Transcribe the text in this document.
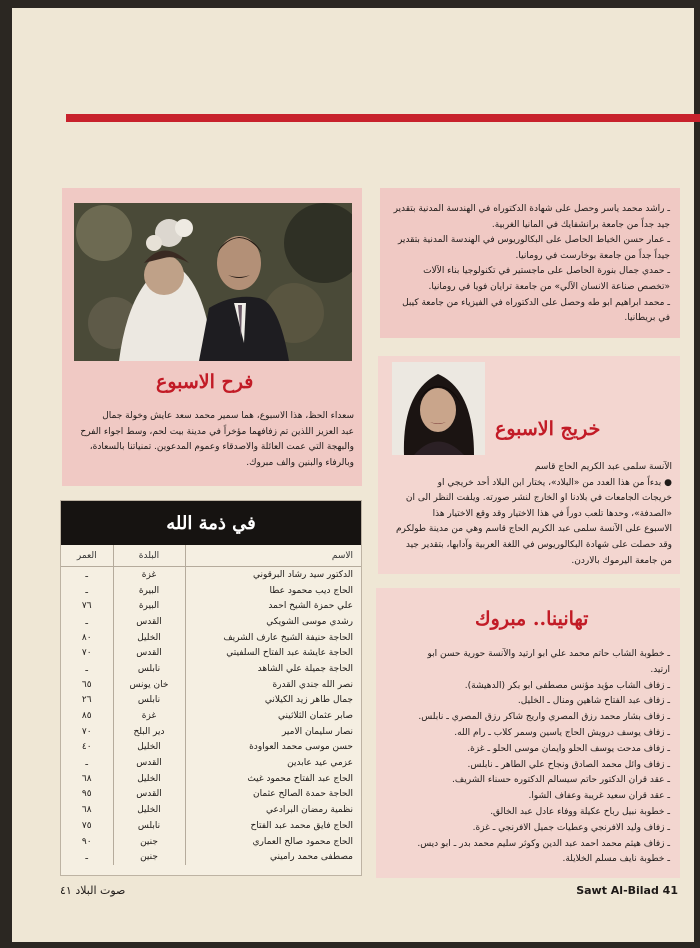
ـ راشد محمد ياسر وحصل على شهادة الدكتوراه في الهندسة المدنية بتقدير

جيد جداً من جامعة برانشفايك في المانيا الغربية.

ـ عمار حسن الخياط الحاصل على البكالوريوس في الهندسة المدنية بتقدير

جيداً جداً من جامعة بوخارست في رومانيا.

ـ حمدي جمال بنورة الحاصل على ماجستير في تكنولوجيا بناء الآلات

«تخصص صناعة الانسان الآلي» من جامعة ترايان فويا في رومانيا.

ـ محمد ابراهيم ابو طه وحصل على الدكتوراه في الفيزياء من جامعة كيبل

في بريطانيا.

فرح الاسبوع

سعداء الحظ، هذا الاسبوع، هما سمير محمد سعد عايش وخولة جمال

عبد العزيز اللذين تم زفافهما مؤخراً في مدينة بيت لحم، وسط اجواء الفرح

والبهجة التي عمت العائلة والاصدقاء وعموم المدعوين. تمنياتنا بالسعادة،

وبالرفاء والبنين والف مبروك.

خريج الاسبوع

الآنسة سلمى عبد الكريم الحاج قاسم

● بدءاً من هذا العدد من «البلاد»، يختار ابن البلاد أحد خريجي او

خريجات الجامعات في بلادنا او الخارج لنشر صورته. ويلفت النظر الى ان

«الصدفة»، وحدها تلعب دوراً في هذا الاختيار وقد وقع الاختيار هذا

الاسبوع على الآنسة سلمى عبد الكريم الحاج قاسم وهي من مدينة طولكرم

وقد حصلت على شهادة البكالوريوس في اللغة العربية وآدابها، بتقدير جيد

من جامعة اليرموك بالاردن.

تهانينا.. مبروك

ـ خطوبة الشاب حاتم محمد علي ابو ارتيد والآنسة حورية حسن ابو

ارتيد.

ـ زفاف الشاب مؤيد مؤنس مصطفى ابو بكر (الدهيشة).

ـ زفاف عبد الفتاح شاهين ومنال ـ الخليل.

ـ زفاف بشار محمد رزق المصري واريج شاكر رزق المصري ـ نابلس.

ـ زفاف يوسف درويش الحاج ياسين وسمر كلاب ـ رام الله.

ـ زفاف مدحت يوسف الحلو وايمان موسى الحلو ـ غزة.

ـ زفاف وائل محمد الصادق ونجاح علي الطاهر ـ نابلس.

ـ عقد قران الدكتور حاتم سيسالم الدكتوره حسناء الشريف.

ـ عقد قران سعيد غريبة وعفاف الشوا.

ـ خطوبة نبيل رباح عكيلة ووفاء عادل عبد الخالق.

ـ زفاف وليد الافرنجي وعطيات جميل الافرنجي ـ غزة.

ـ زفاف هيثم محمد احمد عبد الدين وكوثر سليم محمد بدر ـ ابو ديس.

ـ خطوبة نايف مسلم الخلايلة.

في ذمة الله
الاسم	البلدة	العمر
الدكتور سيد رشاد البرقوني	غزة	ـ
الحاج ديب محمود عطا	البيرة	ـ
علي حمزة الشيخ احمد	البيرة	٧٦
رشدي موسى الشويكي	القدس	ـ
الحاجة حنيفة الشيخ عارف الشريف	الخليل	٨٠
الحاجة عايشة عبد الفتاح السلفيتي	القدس	٧٠
الحاجة جميلة علي الشاهد	نابلس	ـ
نصر الله جندي القدرة	خان يونس	٦٥
جمال طاهر زيد الكيلاني	نابلس	٢٦
صابر عثمان الثلاثيني	غزة	٨٥
نصار سليمان الامير	دير البلح	٧٠
حسن موسى محمد العواودة	الخليل	٤٠
عزمي عيد عابدين	القدس	ـ
الحاج عبد الفتاح محمود غيث	الخليل	٦٨
الحاجة حمدة الصالح عثمان	القدس	٩٥
نظمية رمضان البرادعي	الخليل	٦٨
الحاج فايق محمد عبد الفتاح	نابلس	٧٥
الحاج محمود صالح العماري	جنين	٩٠
مصطفى محمد راميني	جنين	ـ
صوت البلاد ٤١	Sawt Al-Bilad 41
